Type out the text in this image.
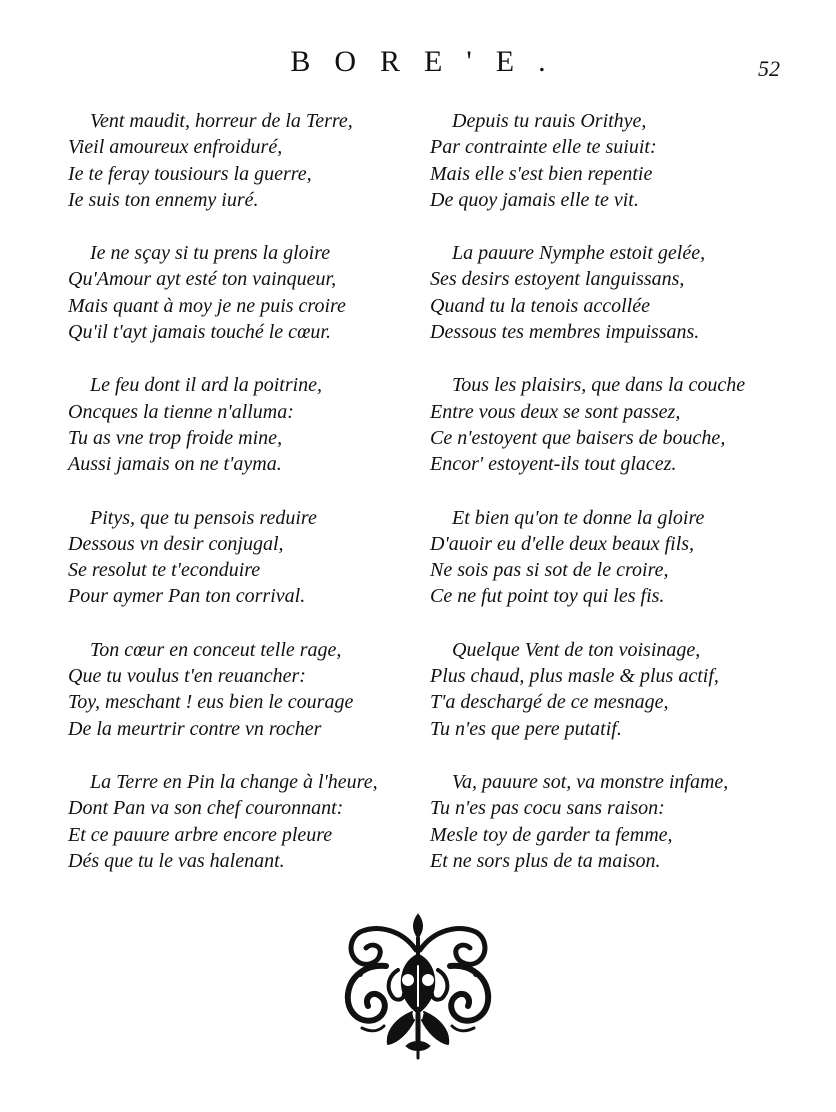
BORE'E.	52
Vent maudit, horreur de la Terre,
Vieil amoureux enfroiduré,
Ie te feray tousiours la guerre,
Ie suis ton ennemy iuré.
Ie ne sçay si tu prens la gloire
Qu'Amour ayt esté ton vainqueur,
Mais quant à moy je ne puis croire
Qu'il t'ayt jamais touché le cœur.
Le feu dont il ard la poitrine,
Oncques la tienne n'alluma:
Tu as vne trop froide mine,
Aussi jamais on ne t'ayma.
Pitys, que tu pensois reduire
Dessous vn desir conjugal,
Se resolut te t'econduire
Pour aymer Pan ton corrival.
Ton cœur en conceut telle rage,
Que tu voulus t'en reuancher:
Toy, meschant ! eus bien le courage
De la meurtrir contre vn rocher
La Terre en Pin la change à l'heure,
Dont Pan va son chef couronnant:
Et ce pauure arbre encore pleure
Dés que tu le vas halenant.
Depuis tu rauis Orithye,
Par contrainte elle te suiuit:
Mais elle s'est bien repentie
De quoy jamais elle te vit.
La pauure Nymphe estoit gelée,
Ses desirs estoyent languissans,
Quand tu la tenois accollée
Dessous tes membres impuissans.
Tous les plaisirs, que dans la couche
Entre vous deux se sont passez,
Ce n'estoyent que baisers de bouche,
Encor' estoyent-ils tout glacez.
Et bien qu'on te donne la gloire
D'auoir eu d'elle deux beaux fils,
Ne sois pas si sot de le croire,
Ce ne fut point toy qui les fis.
Quelque Vent de ton voisinage,
Plus chaud, plus masle & plus actif,
T'a deschargé de ce mesnage,
Tu n'es que pere putatif.
Va, pauure sot, va monstre infame,
Tu n'es pas cocu sans raison:
Mesle toy de garder ta femme,
Et ne sors plus de ta maison.
